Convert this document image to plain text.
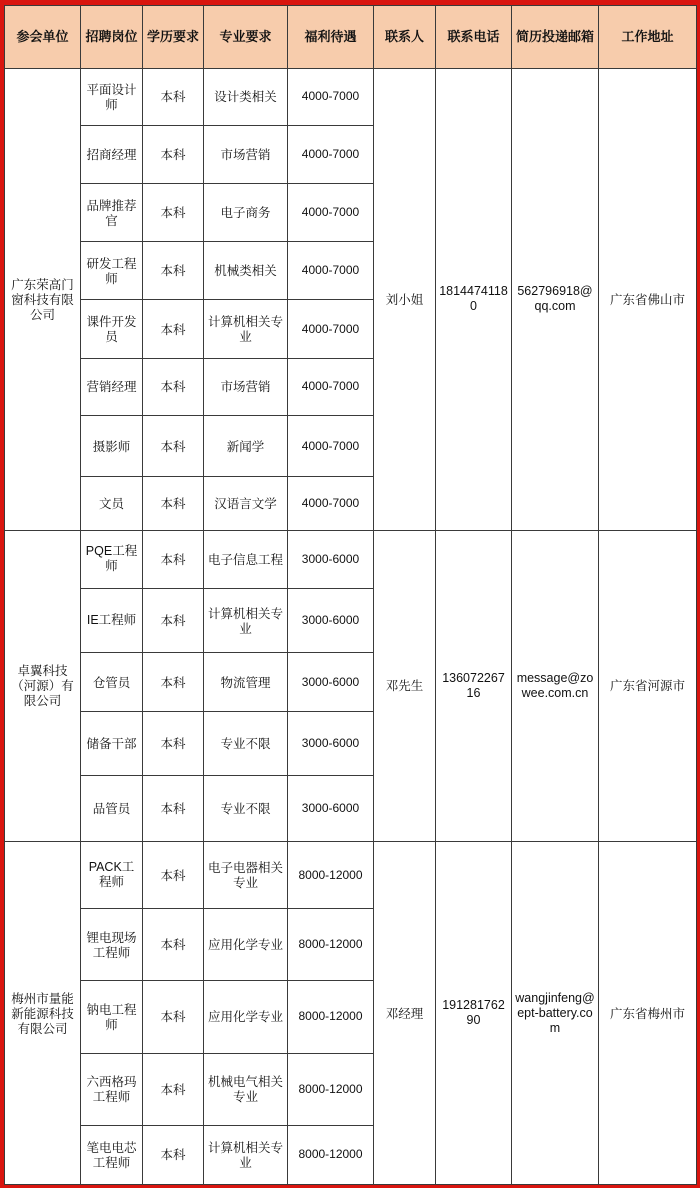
参会单位	招聘岗位	学历要求	专业要求	福利待遇	联系人	联系电话	简历投递邮箱	工作地址
广东荣高门窗科技有限公司	平面设计师	本科	设计类相关	4000-7000	刘小姐	18144741180	562796918@qq.com	广东省佛山市
	招商经理	本科	市场营销	4000-7000				
	品牌推荐官	本科	电子商务	4000-7000				
	研发工程师	本科	机械类相关	4000-7000				
	课件开发员	本科	计算机相关专业	4000-7000				
	营销经理	本科	市场营销	4000-7000				
	摄影师	本科	新闻学	4000-7000				
	文员	本科	汉语言文学	4000-7000				
卓翼科技（河源）有限公司	PQE工程师	本科	电子信息工程	3000-6000	邓先生	13607226716	message@zowee.com.cn	广东省河源市
	IE工程师	本科	计算机相关专业	3000-6000				
	仓管员	本科	物流管理	3000-6000				
	储备干部	本科	专业不限	3000-6000				
	品管员	本科	专业不限	3000-6000				
梅州市量能新能源科技有限公司	PACK工程师	本科	电子电器相关专业	8000-12000	邓经理	19128176290	wangjinfeng@ept-battery.com	广东省梅州市
	锂电现场工程师	本科	应用化学专业	8000-12000				
	钠电工程师	本科	应用化学专业	8000-12000				
	六西格玛工程师	本科	机械电气相关专业	8000-12000				
	笔电电芯工程师	本科	计算机相关专业	8000-12000				
